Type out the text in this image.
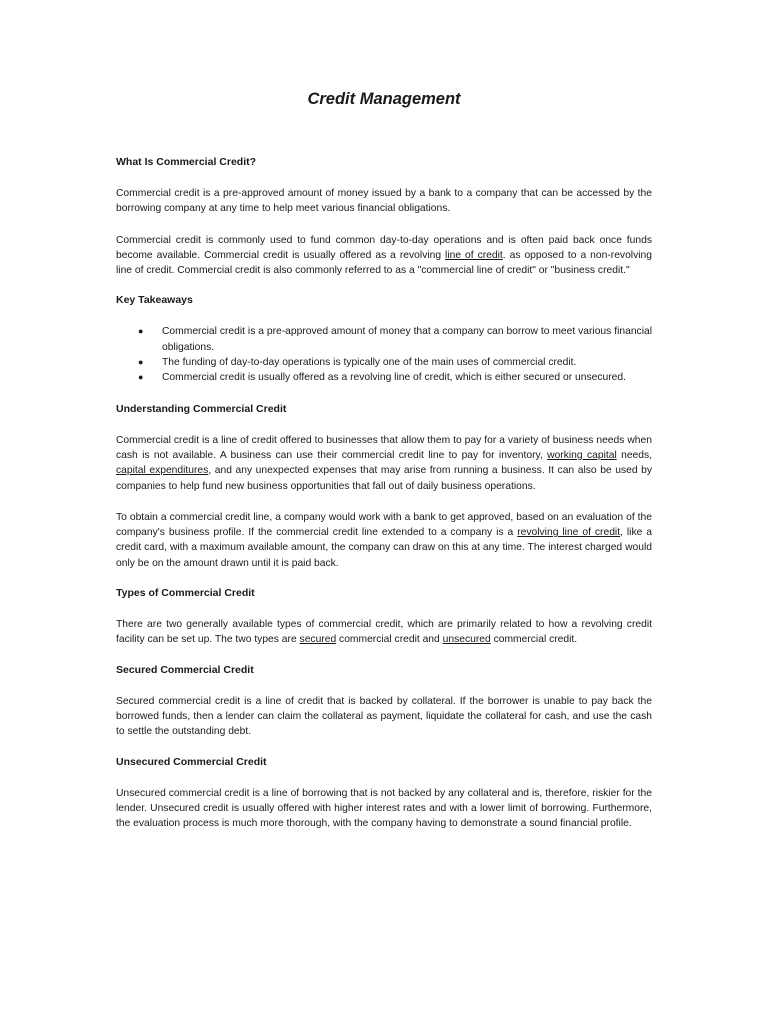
Credit Management
What Is Commercial Credit?

Commercial credit is a pre-approved amount of money issued by a bank to a company that can be accessed by the borrowing company at any time to help meet various financial obligations.

Commercial credit is commonly used to fund common day-to-day operations and is often paid back once funds become available. Commercial credit is usually offered as a revolving line of credit. as opposed to a non-revolving line of credit. Commercial credit is also commonly referred to as a "commercial line of credit" or "business credit."

Key Takeaways
● Commercial credit is a pre-approved amount of money that a company can borrow to meet various financial obligations.
● The funding of day-to-day operations is typically one of the main uses of commercial credit.
● Commercial credit is usually offered as a revolving line of credit, which is either secured or unsecured.
Understanding Commercial Credit

Commercial credit is a line of credit offered to businesses that allow them to pay for a variety of business needs when cash is not available. A business can use their commercial credit line to pay for inventory, working capital needs, capital expenditures, and any unexpected expenses that may arise from running a business. It can also be used by companies to help fund new business opportunities that fall out of daily business operations.

To obtain a commercial credit line, a company would work with a bank to get approved, based on an evaluation of the company's business profile. If the commercial credit line extended to a company is a revolving line of credit, like a credit card, with a maximum available amount, the company can draw on this at any time. The interest charged would only be on the amount drawn until it is paid back.

Types of Commercial Credit

There are two generally available types of commercial credit, which are primarily related to how a revolving credit facility can be set up. The two types are secured commercial credit and unsecured commercial credit.

Secured Commercial Credit

Secured commercial credit is a line of credit that is backed by collateral. If the borrower is unable to pay back the borrowed funds, then a lender can claim the collateral as payment, liquidate the collateral for cash, and use the cash to settle the outstanding debt.

Unsecured Commercial Credit

Unsecured commercial credit is a line of borrowing that is not backed by any collateral and is, therefore, riskier for the lender. Unsecured credit is usually offered with higher interest rates and with a lower limit of borrowing. Furthermore, the evaluation process is much more thorough, with the company having to demonstrate a sound financial profile.
